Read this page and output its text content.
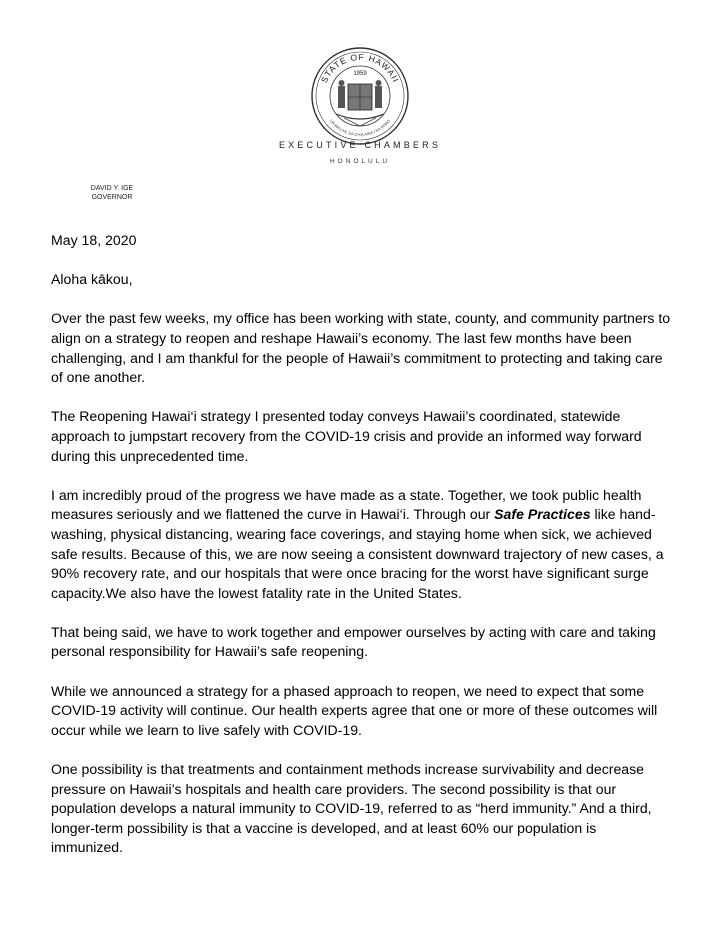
STATE OF HAWAII
UA MAU KE EA O KA AINA I KA PONO
1959
EXECUTIVE CHAMBERS
HONOLULU
DAVID Y. IGE
GOVERNOR

May 18, 2020

Aloha kākou,

Over the past few weeks, my office has been working with state, county, and community partners to align on a strategy to reopen and reshape Hawaii’s economy. The last few months have been challenging, and I am thankful for the people of Hawaii’s commitment to protecting and taking care of one another.

The Reopening Hawai‘i strategy I presented today conveys Hawaii’s coordinated, statewide approach to jumpstart recovery from the COVID-19 crisis and provide an informed way forward during this unprecedented time.

I am incredibly proud of the progress we have made as a state. Together, we took public health measures seriously and we flattened the curve in Hawai‘i. Through our Safe Practices like hand-washing, physical distancing, wearing face coverings, and staying home when sick, we achieved safe results. Because of this, we are now seeing a consistent downward trajectory of new cases, a 90% recovery rate, and our hospitals that were once bracing for the worst have significant surge capacity.We also have the lowest fatality rate in the United States.

That being said, we have to work together and empower ourselves by acting with care and taking personal responsibility for Hawaii’s safe reopening.

While we announced a strategy for a phased approach to reopen, we need to expect that some COVID-19 activity will continue. Our health experts agree that one or more of these outcomes will occur while we learn to live safely with COVID-19.

One possibility is that treatments and containment methods increase survivability and decrease pressure on Hawaii’s hospitals and health care providers. The second possibility is that our population develops a natural immunity to COVID-19, referred to as “herd immunity.” And a third, longer-term possibility is that a vaccine is developed, and at least 60% our population is immunized.
